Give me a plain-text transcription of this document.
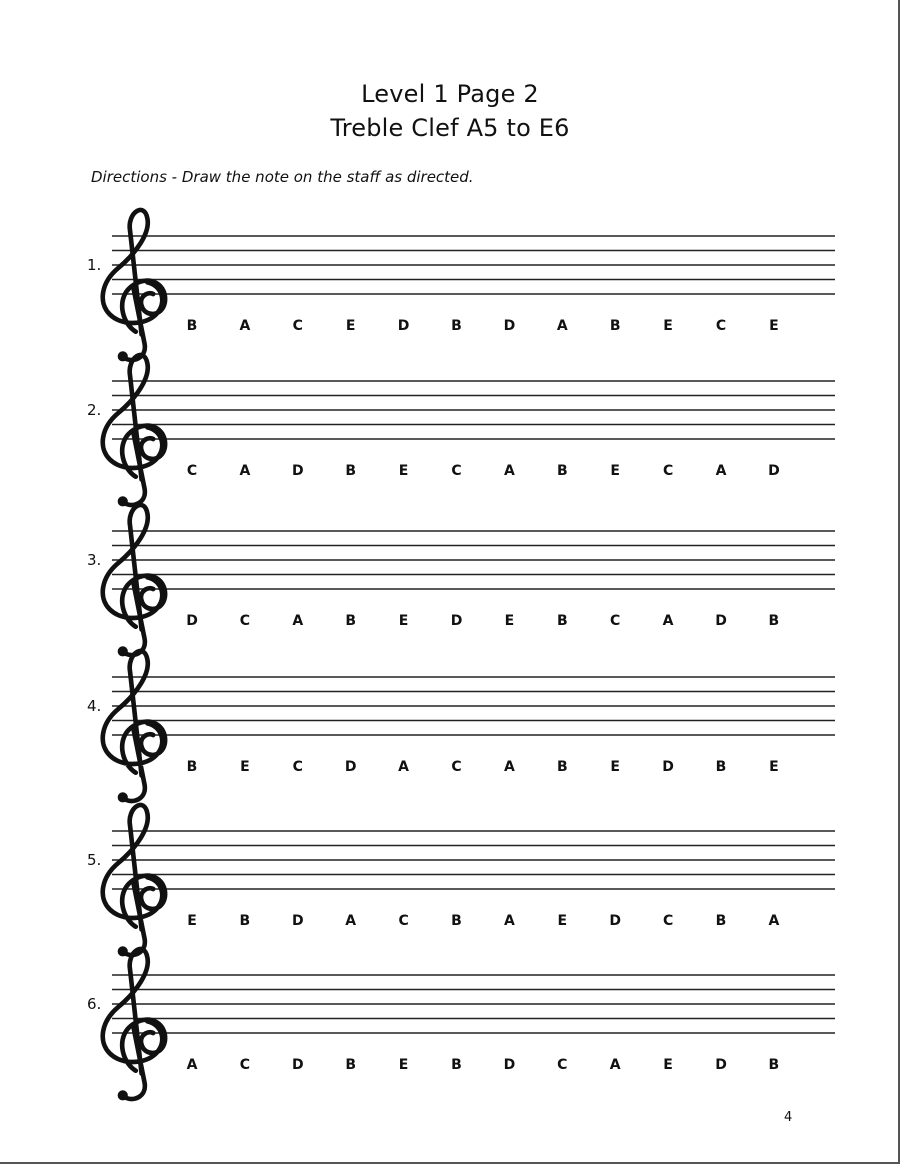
Level 1 Page 2
Treble Clef A5 to E6
Directions - Draw the note on the staff as directed.
1.
B	A	C	E	D	B	D	A	B	E	C	E
2.
C	A	D	B	E	C	A	B	E	C	A	D
3.
D	C	A	B	E	D	E	B	C	A	D	B
4.
B	E	C	D	A	C	A	B	E	D	B	E
5.
E	B	D	A	C	B	A	E	D	C	B	A
6.
A	C	D	B	E	B	D	C	A	E	D	B
4
